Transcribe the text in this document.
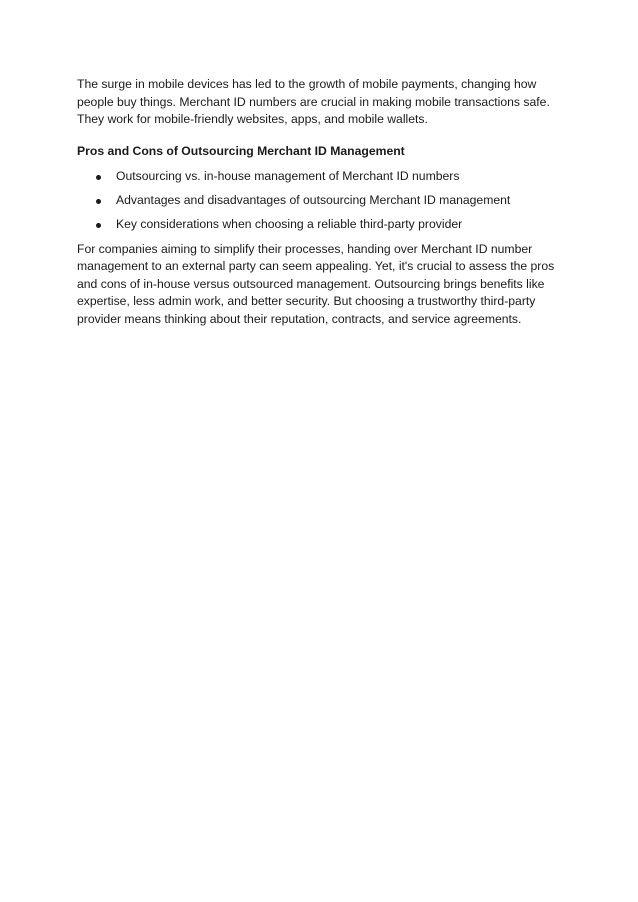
The surge in mobile devices has led to the growth of mobile payments, changing how people buy things. Merchant ID numbers are crucial in making mobile transactions safe. They work for mobile-friendly websites, apps, and mobile wallets.

Pros and Cons of Outsourcing Merchant ID Management

Outsourcing vs. in-house management of Merchant ID numbers
Advantages and disadvantages of outsourcing Merchant ID management
Key considerations when choosing a reliable third-party provider

For companies aiming to simplify their processes, handing over Merchant ID number management to an external party can seem appealing. Yet, it's crucial to assess the pros and cons of in-house versus outsourced management. Outsourcing brings benefits like expertise, less admin work, and better security. But choosing a trustworthy third-party provider means thinking about their reputation, contracts, and service agreements.
